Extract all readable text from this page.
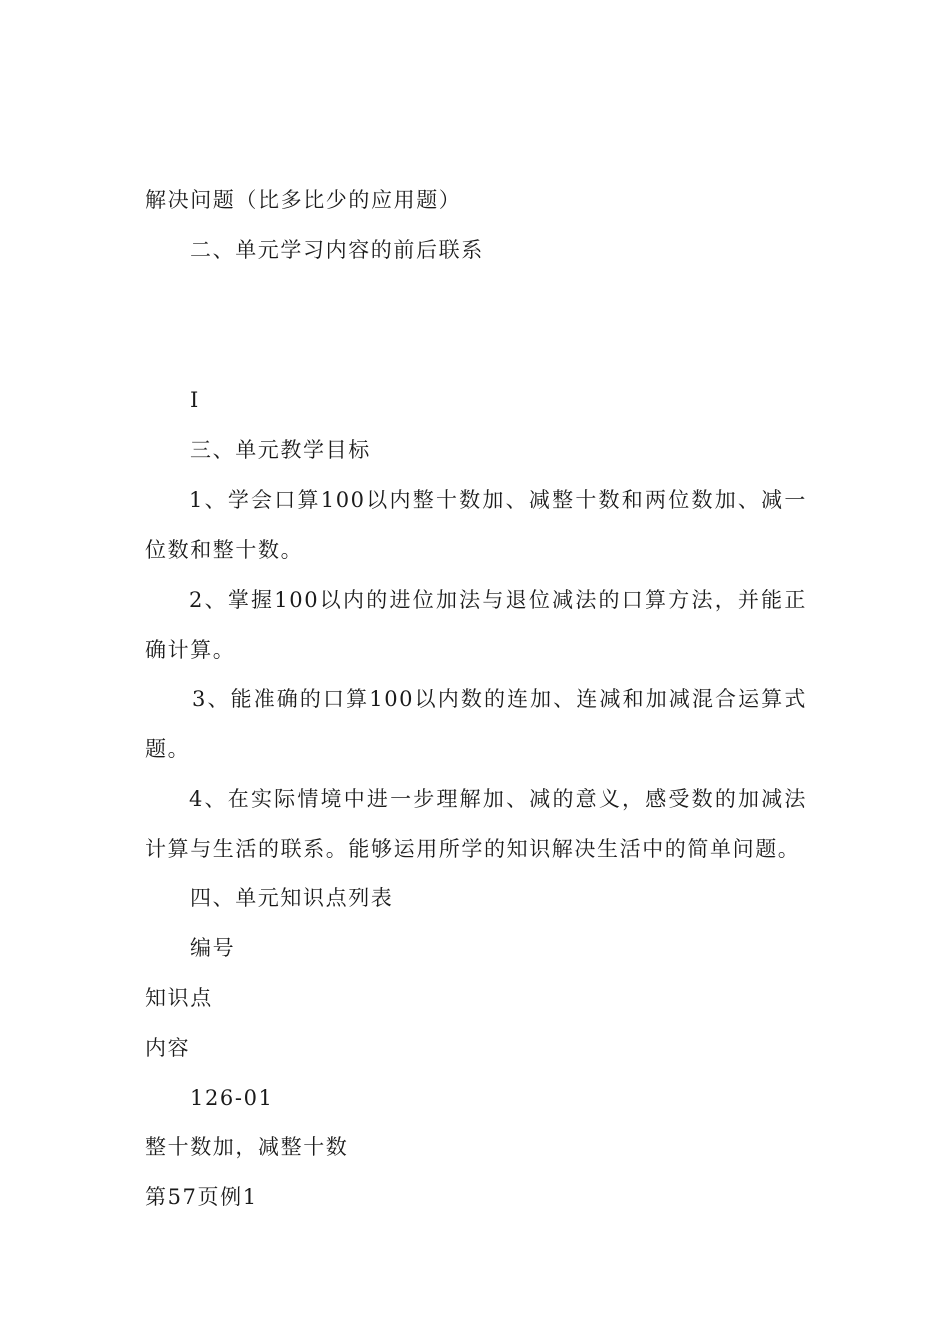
解决问题（比多比少的应用题）
二、单元学习内容的前后联系
I
三、单元教学目标
1、学会口算100以内整十数加、减整十数和两位数加、减一位数和整十数。
2、掌握100以内的进位加法与退位减法的口算方法，并能正确计算。
3、能准确的口算100以内数的连加、连减和加减混合运算式题。
4、在实际情境中进一步理解加、减的意义，感受数的加减法计算与生活的联系。能够运用所学的知识解决生活中的简单问题。
四、单元知识点列表
编号
知识点
内容
126-01
整十数加，减整十数
第57页例1
